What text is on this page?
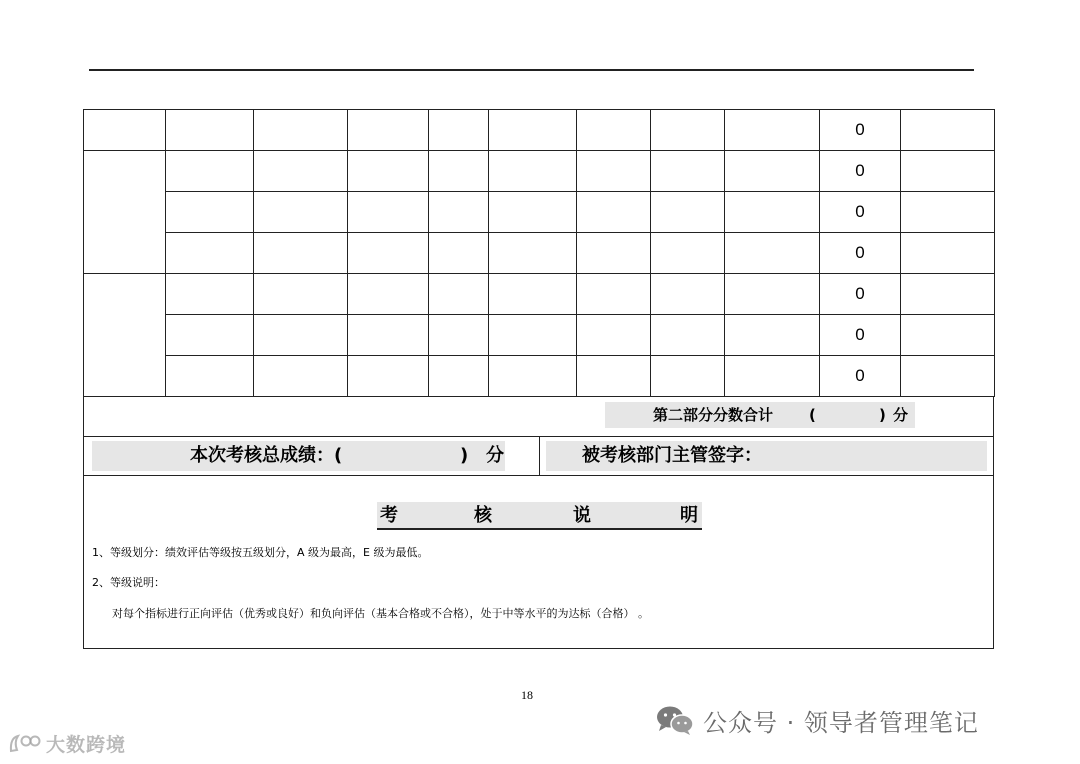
									0	
									0	
									0	
									0	
									0	
									0	
									0	
第二部分分数合计	(	) 分
本次考核总成绩：(	) 分	被考核部门主管签字：
考	核	说	明
1、等级划分：绩效评估等级按五级划分，A 级为最高，E 级为最低。
2、等级说明：
对每个指标进行正向评估（优秀或良好）和负向评估（基本合格或不合格），处于中等水平的为达标（合格） 。
18
大数跨境
公众号 · 领导者管理笔记
